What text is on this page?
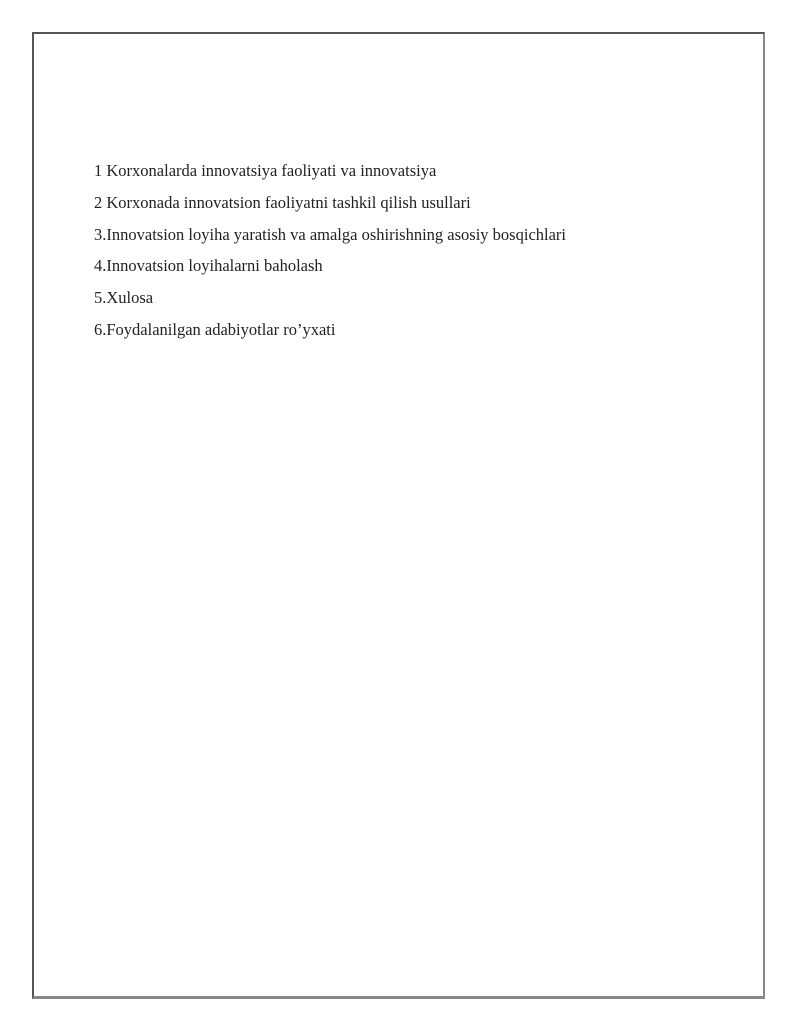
1 Korxonalarda innovatsiya faoliyati va innovatsiya
2 Korxonada innovatsion faoliyatni tashkil qilish usullari
3.Innovatsion loyiha yaratish va amalga oshirishning asosiy bosqichlari
4.Innovatsion loyihalarni baholash
5.Xulosa
6.Foydalanilgan adabiyotlar ro’yxati
